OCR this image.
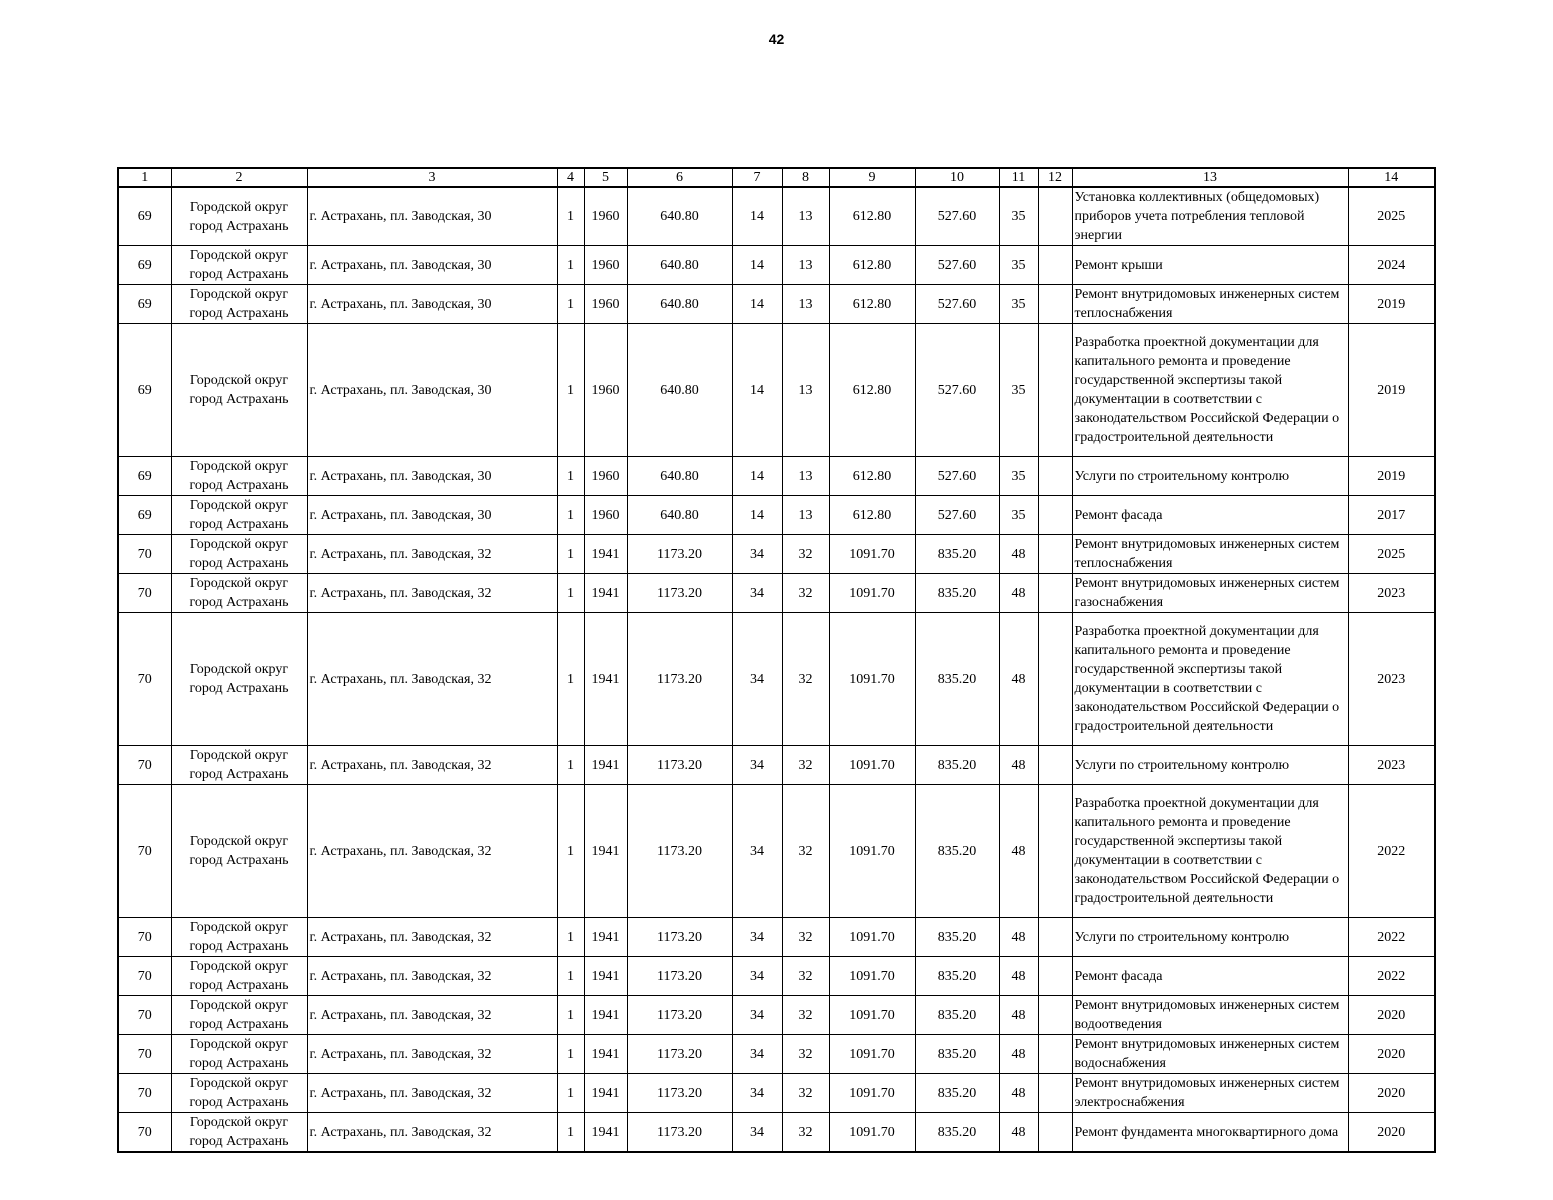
42
1	2	3	4	5	6	7	8	9	10	11	12	13	14
69	Городской округ город Астрахань	г. Астрахань, пл. Заводская, 30	1	1960	640.80	14	13	612.80	527.60	35		Установка коллективных (общедомовых) приборов учета потребления тепловой энергии	2025
69	Городской округ город Астрахань	г. Астрахань, пл. Заводская, 30	1	1960	640.80	14	13	612.80	527.60	35		Ремонт крыши	2024
69	Городской округ город Астрахань	г. Астрахань, пл. Заводская, 30	1	1960	640.80	14	13	612.80	527.60	35		Ремонт внутридомовых инженерных систем теплоснабжения	2019
69	Городской округ город Астрахань	г. Астрахань, пл. Заводская, 30	1	1960	640.80	14	13	612.80	527.60	35		Разработка проектной документации для капитального ремонта и проведение государственной экспертизы такой документации в соответствии с законодательством Российской Федерации о градостроительной деятельности	2019
69	Городской округ город Астрахань	г. Астрахань, пл. Заводская, 30	1	1960	640.80	14	13	612.80	527.60	35		Услуги по строительному контролю	2019
69	Городской округ город Астрахань	г. Астрахань, пл. Заводская, 30	1	1960	640.80	14	13	612.80	527.60	35		Ремонт фасада	2017
70	Городской округ город Астрахань	г. Астрахань, пл. Заводская, 32	1	1941	1173.20	34	32	1091.70	835.20	48		Ремонт внутридомовых инженерных систем теплоснабжения	2025
70	Городской округ город Астрахань	г. Астрахань, пл. Заводская, 32	1	1941	1173.20	34	32	1091.70	835.20	48		Ремонт внутридомовых инженерных систем газоснабжения	2023
70	Городской округ город Астрахань	г. Астрахань, пл. Заводская, 32	1	1941	1173.20	34	32	1091.70	835.20	48		Разработка проектной документации для капитального ремонта и проведение государственной экспертизы такой документации в соответствии с законодательством Российской Федерации о градостроительной деятельности	2023
70	Городской округ город Астрахань	г. Астрахань, пл. Заводская, 32	1	1941	1173.20	34	32	1091.70	835.20	48		Услуги по строительному контролю	2023
70	Городской округ город Астрахань	г. Астрахань, пл. Заводская, 32	1	1941	1173.20	34	32	1091.70	835.20	48		Разработка проектной документации для капитального ремонта и проведение государственной экспертизы такой документации в соответствии с законодательством Российской Федерации о градостроительной деятельности	2022
70	Городской округ город Астрахань	г. Астрахань, пл. Заводская, 32	1	1941	1173.20	34	32	1091.70	835.20	48		Услуги по строительному контролю	2022
70	Городской округ город Астрахань	г. Астрахань, пл. Заводская, 32	1	1941	1173.20	34	32	1091.70	835.20	48		Ремонт фасада	2022
70	Городской округ город Астрахань	г. Астрахань, пл. Заводская, 32	1	1941	1173.20	34	32	1091.70	835.20	48		Ремонт внутридомовых инженерных систем водоотведения	2020
70	Городской округ город Астрахань	г. Астрахань, пл. Заводская, 32	1	1941	1173.20	34	32	1091.70	835.20	48		Ремонт внутридомовых инженерных систем водоснабжения	2020
70	Городской округ город Астрахань	г. Астрахань, пл. Заводская, 32	1	1941	1173.20	34	32	1091.70	835.20	48		Ремонт внутридомовых инженерных систем электроснабжения	2020
70	Городской округ город Астрахань	г. Астрахань, пл. Заводская, 32	1	1941	1173.20	34	32	1091.70	835.20	48		Ремонт фундамента многоквартирного дома	2020
